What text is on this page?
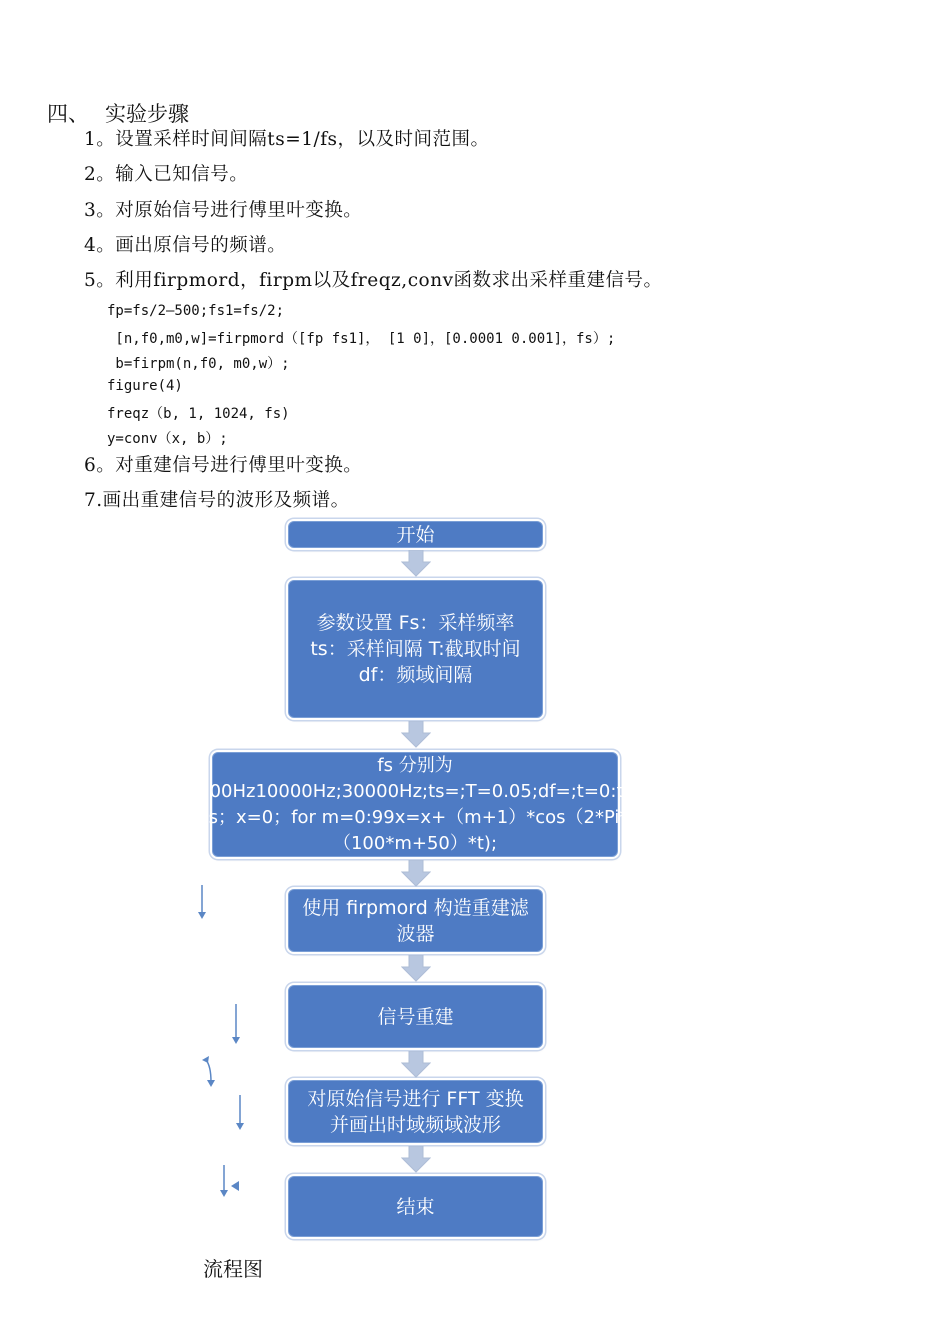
四、 实验步骤
1。设置采样时间间隔ts=1/fs，以及时间范围。
2。输入已知信号。
3。对原始信号进行傅里叶变换。
4。画出原信号的频谱。
5。利用firpmord，firpm以及freqz,conv函数求出采样重建信号。
fp=fs/2—500;fs1=fs/2;
[n,f0,m0,w]=firpmord（[fp fs1]， [1 0]，[0.0001 0.001]，fs）;
b=firpm(n,f0, m0,w）;
figure(4)
freqz（b, 1, 1024, fs)
y=conv（x, b）;
6。对重建信号进行傅里叶变换。
7.画出重建信号的波形及频谱。
开始
参数设置 Fs：采样频率 ts：采样间隔 T:截取时间 df：频域间隔
fs 分别为 20000Hz10000Hz;30000Hz;ts=;T=0.05;df=;t=0:ts:T-ts；x=0；for m=0:99x=x+（m+1）*cos（2*Pi*（100*m+50）*t);
使用 firpmord 构造重建滤波器
信号重建
对原始信号进行 FFT 变换并画出时域频域波形
结束
流程图
